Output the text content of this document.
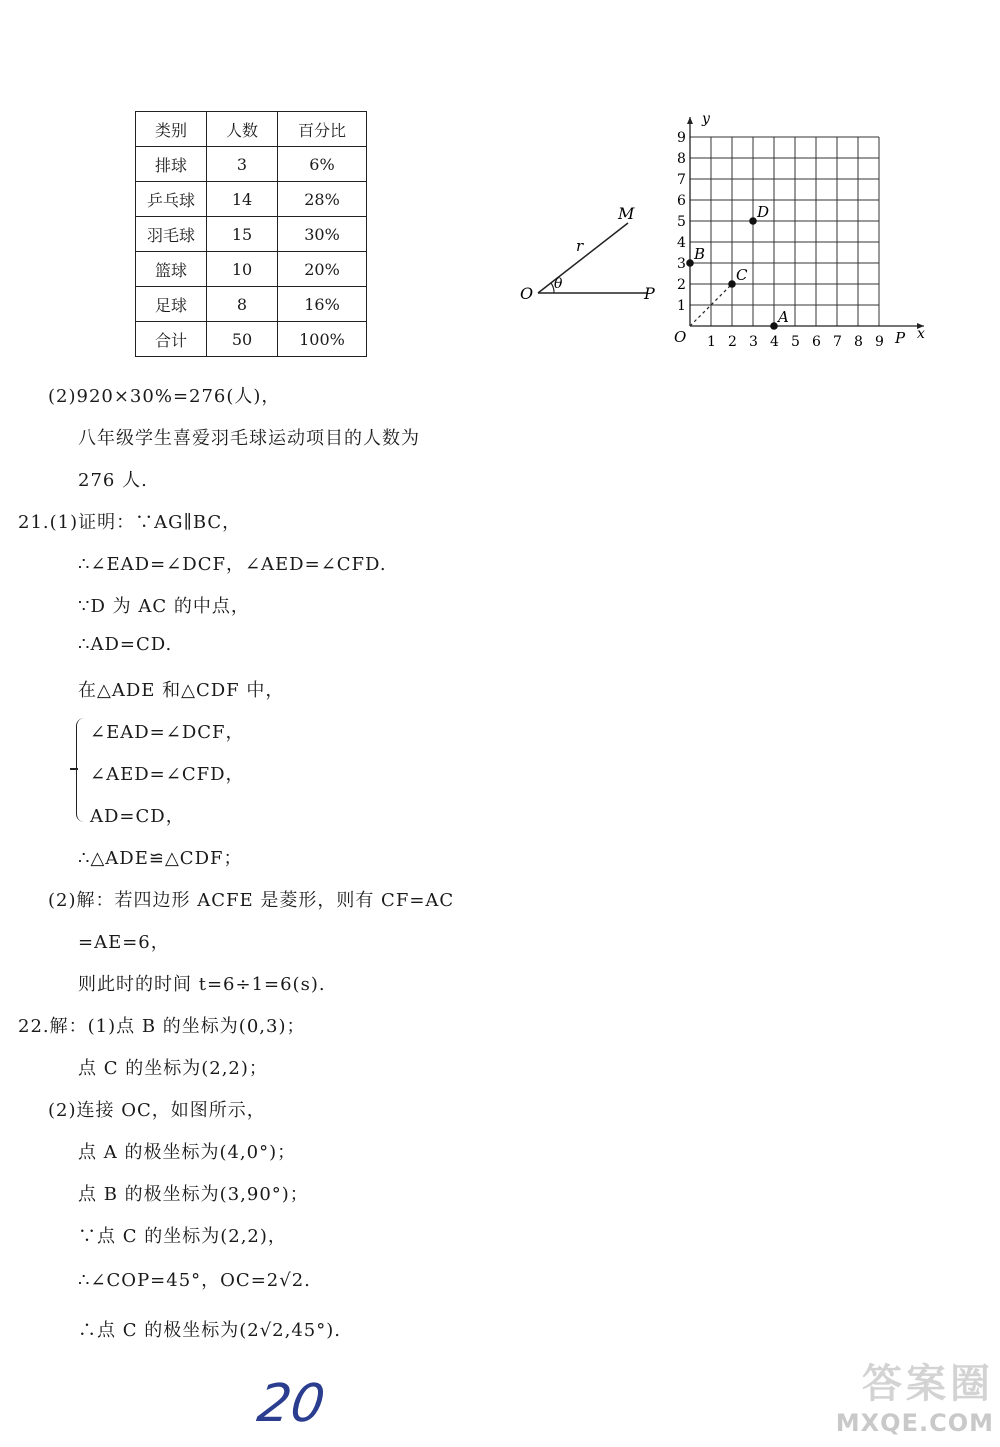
类别	人数	百分比
排球	3	6%
乒乓球	14	28%
羽毛球	15	30%
篮球	10	20%
足球	8	16%
合计	50	100%
O
M
P
r
θ
1 2 3 4 5 6 7 8 9
1
2
3
4
5
6
7
8
9
O	P x
y
A
B
C
D
(2)920×30%=276(人)，
八年级学生喜爱羽毛球运动项目的人数为
276 人.
21.(1)证明：∵AG∥BC，
∴∠EAD=∠DCF，∠AED=∠CFD.
∵D 为 AC 的中点，
∴AD=CD.
在△ADE 和△CDF 中，
∠EAD=∠DCF，
∠AED=∠CFD，
AD=CD，
∴△ADE≌△CDF；
(2)解：若四边形 ACFE 是菱形，则有 CF=AC
=AE=6，
则此时的时间 t=6÷1=6(s).
22.解：(1)点 B 的坐标为(0,3)；
点 C 的坐标为(2,2)；
(2)连接 OC，如图所示，
点 A 的极坐标为(4,0°)；
点 B 的极坐标为(3,90°)；
∵点 C 的坐标为(2,2)，
∴∠COP=45°，OC=2√2.
∴点 C 的极坐标为(2√2,45°).
20	答案圈
MXQE.COM
